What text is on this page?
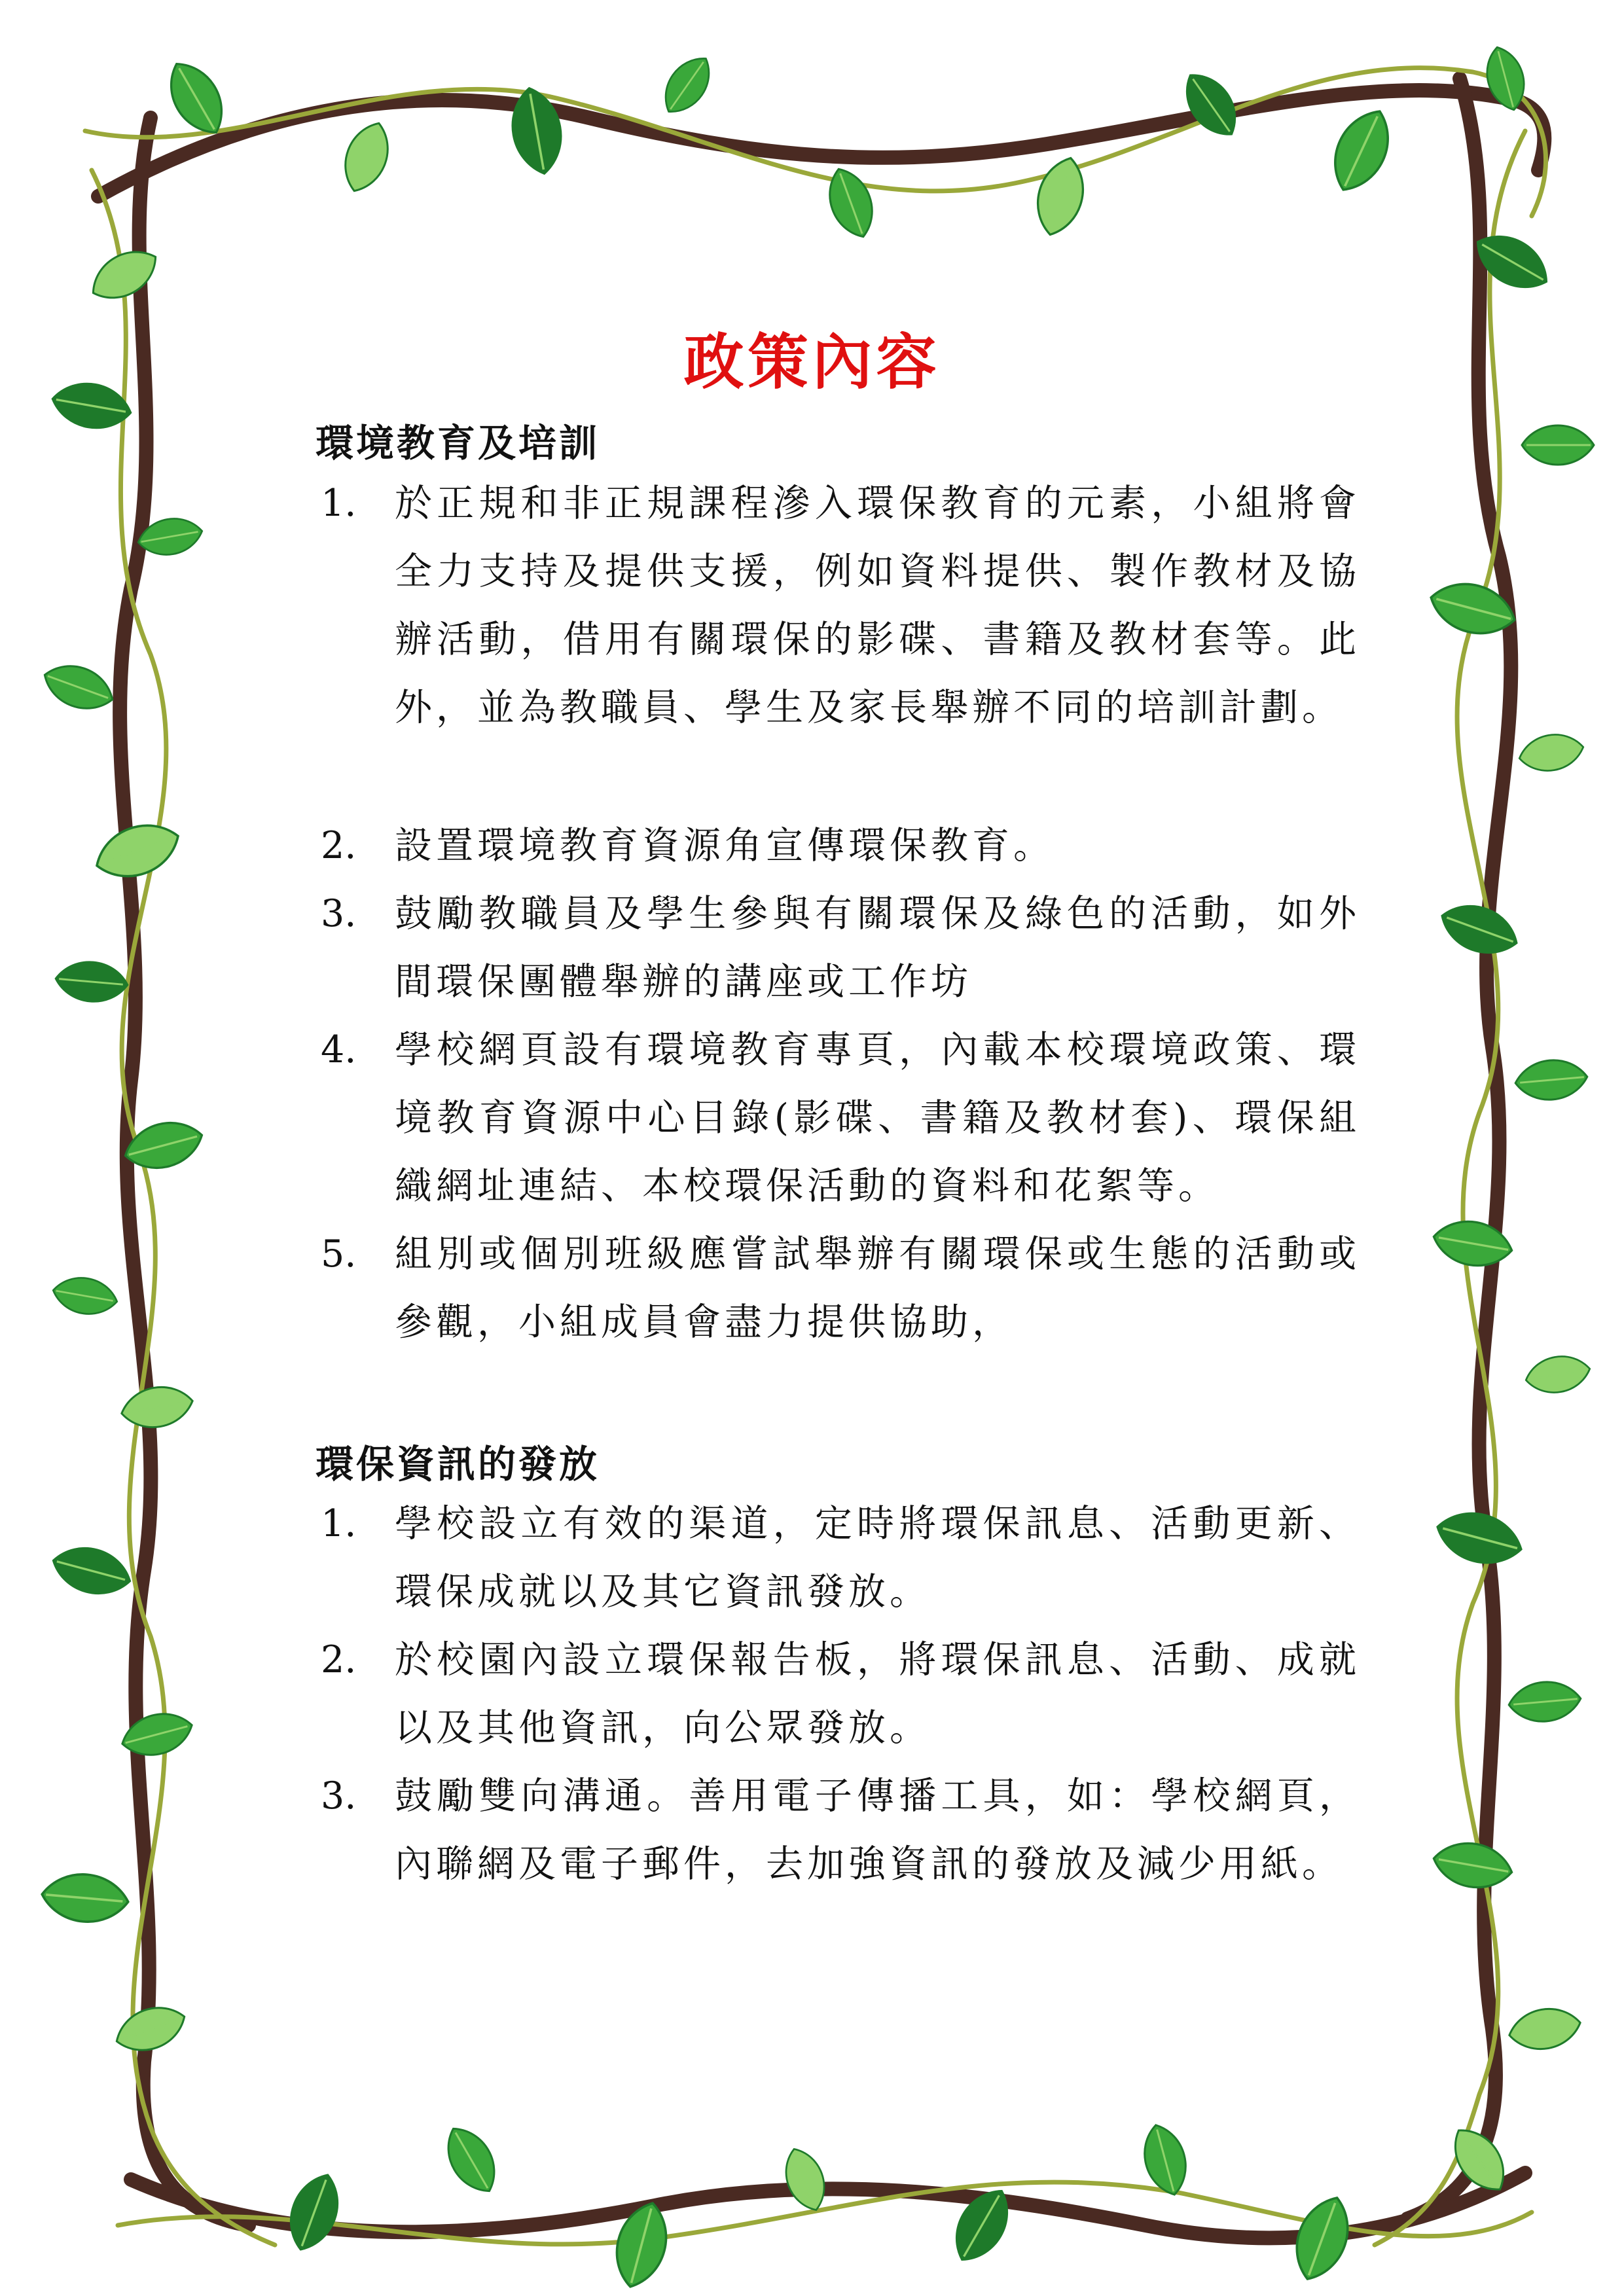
政策內容
環境教育及培訓
1. 於正規和非正規課程滲入環保教育的元素，小組將會全力支持及提供支援，例如資料提供、製作教材及協辦活動，借用有關環保的影碟、書籍及教材套等。此外，並為教職員、學生及家長舉辦不同的培訓計劃。
2. 設置環境教育資源角宣傳環保教育。
3. 鼓勵教職員及學生參與有關環保及綠色的活動，如外間環保團體舉辦的講座或工作坊
4. 學校網頁設有環境教育專頁，內載本校環境政策、環境教育資源中心目錄(影碟、書籍及教材套)、環保組織網址連結、本校環保活動的資料和花絮等。
5. 組別或個別班級應嘗試舉辦有關環保或生態的活動或參觀，小組成員會盡力提供協助，
環保資訊的發放
1. 學校設立有效的渠道，定時將環保訊息、活動更新、環保成就以及其它資訊發放。
2. 於校園內設立環保報告板，將環保訊息、活動、成就以及其他資訊，向公眾發放。
3. 鼓勵雙向溝通。善用電子傳播工具，如：學校網頁，內聯網及電子郵件，去加強資訊的發放及減少用紙。
